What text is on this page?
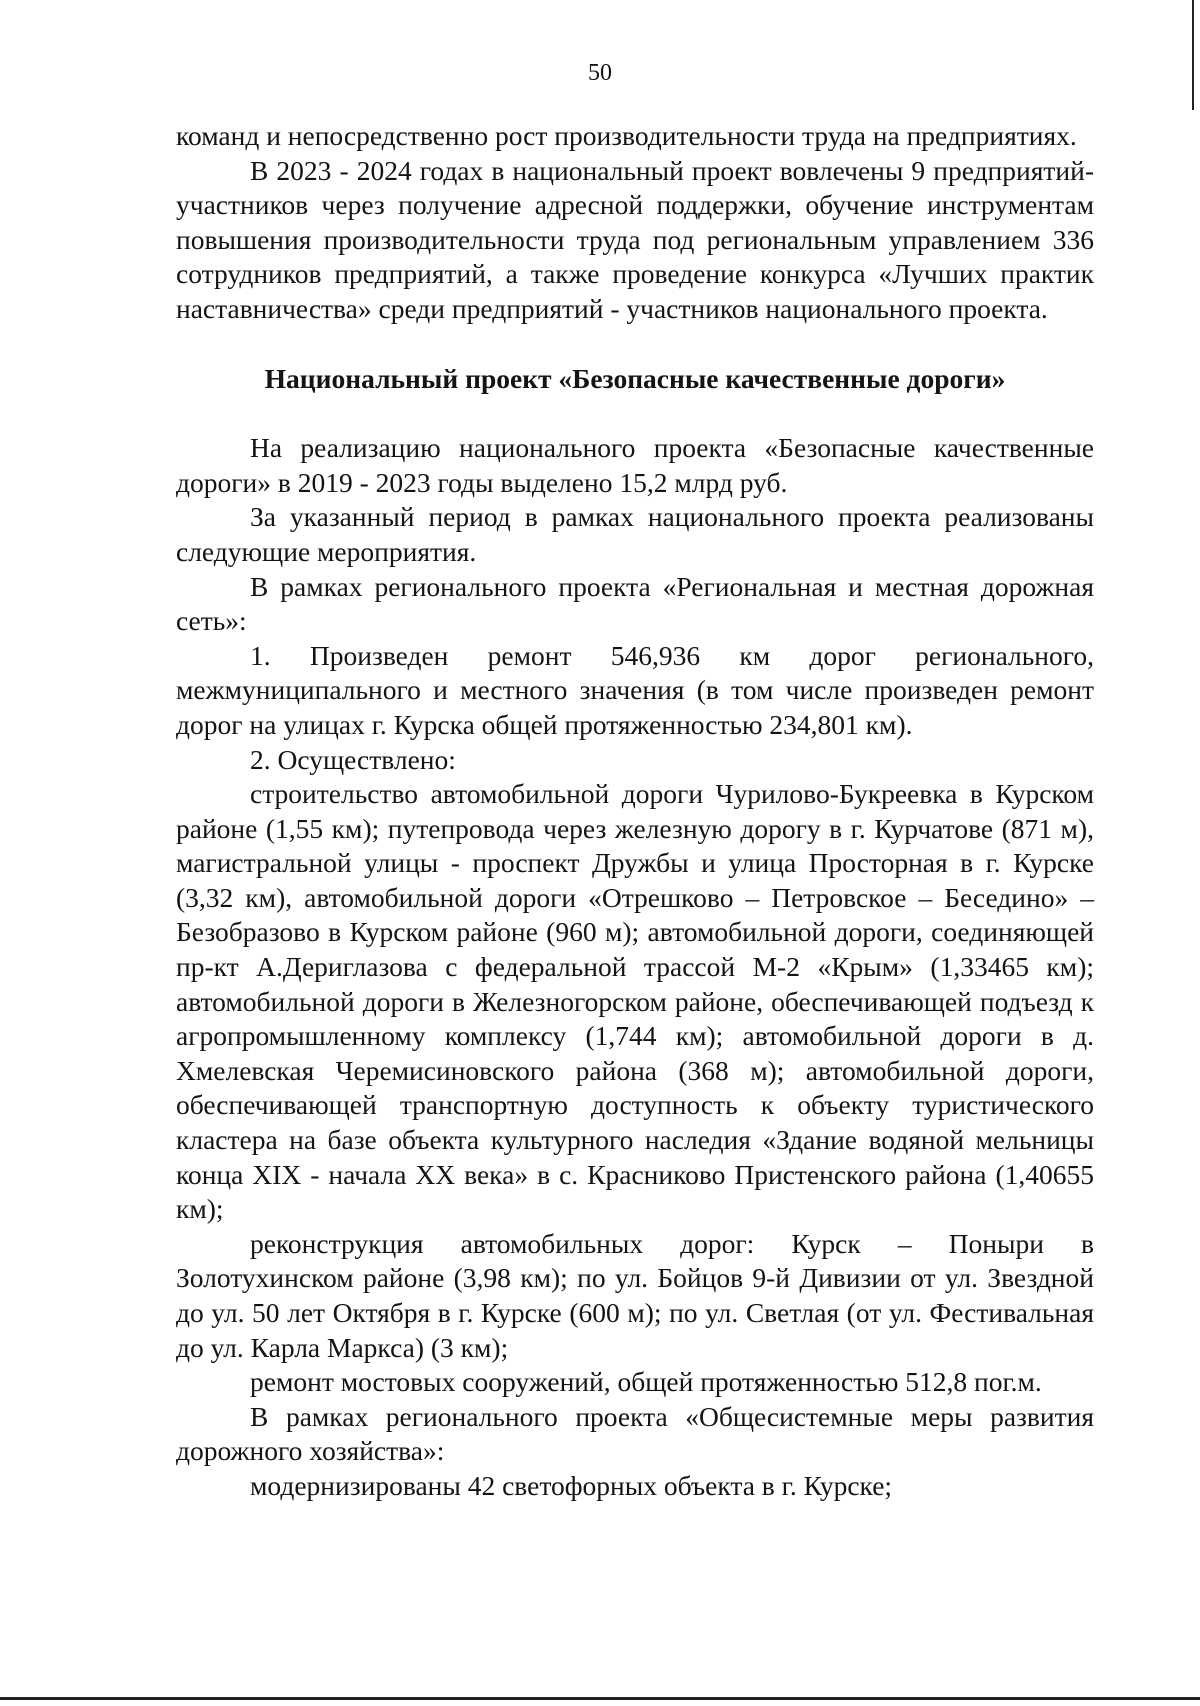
50

команд и непосредственно рост производительности труда на предприятиях.

В 2023 - 2024 годах в национальный проект вовлечены 9 предприятий-участников через получение адресной поддержки, обучение инструментам повышения производительности труда под региональным управлением 336 сотрудников предприятий, а также проведение конкурса «Лучших практик наставничества» среди предприятий - участников национального проекта.

Национальный проект «Безопасные качественные дороги»

На реализацию национального проекта «Безопасные качественные дороги» в 2019 - 2023 годы выделено 15,2 млрд руб.

За указанный период в рамках национального проекта реализованы следующие мероприятия.

В рамках регионального проекта «Региональная и местная дорожная сеть»:

1. Произведен ремонт 546,936 км дорог регионального, межмуниципального и местного значения (в том числе произведен ремонт дорог на улицах г. Курска общей протяженностью 234,801 км).

2. Осуществлено:

строительство автомобильной дороги Чурилово-Букреевка в Курском районе (1,55 км); путепровода через железную дорогу в г. Курчатове (871 м), магистральной улицы - проспект Дружбы и улица Просторная в г. Курске (3,32 км), автомобильной дороги «Отрешково – Петровское – Беседино» – Безобразово в Курском районе (960 м); автомобильной дороги, соединяющей пр-кт А.Дериглазова с федеральной трассой М-2 «Крым» (1,33465 км); автомобильной дороги в Железногорском районе, обеспечивающей подъезд к агропромышленному комплексу (1,744 км); автомобильной дороги в д. Хмелевская Черемисиновского района (368 м); автомобильной дороги, обеспечивающей транспортную доступность к объекту туристического кластера на базе объекта культурного наследия «Здание водяной мельницы конца XIX - начала XX века» в с. Красниково Пристенского района (1,40655 км);

реконструкция автомобильных дорог: Курск – Поныри в Золотухинском районе (3,98 км); по ул. Бойцов 9-й Дивизии от ул. Звездной до ул. 50 лет Октября в г. Курске (600 м); по ул. Светлая (от ул. Фестивальная до ул. Карла Маркса) (3 км);

ремонт мостовых сооружений, общей протяженностью 512,8 пог.м.

В рамках регионального проекта «Общесистемные меры развития дорожного хозяйства»:

модернизированы 42 светофорных объекта в г. Курске;
